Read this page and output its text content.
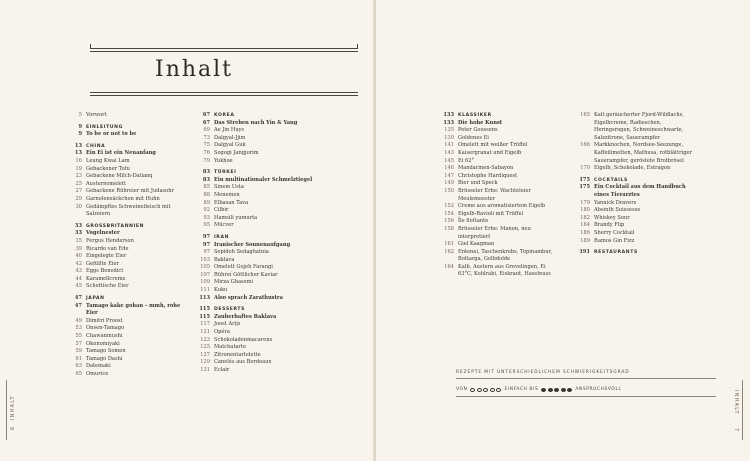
Inhalt
5 Vorwort
9 EINLEITUNG
9 To be or not to be
13 CHINA
13 Ein Ei ist ein Neuanfang
16 Leung Kwai Lam
19 Gebackener Tofu
23 Gebackene Milch-Dalianq
25 Austernomelett
27 Gebackene Rühreier mit Judasohr
29 Garnelensäckchen mit Huhn
30 Gedämpftes Schweinefleisch mit Salzeiern
33 GROSSBRITANNIEN
33 Vogelnester
35 Fergus Henderson
39 Ricardo van Ede
40 Eingelegte Eier
42 Gefüllte Eier
43 Eggs Benedict
44 Karamellcreme
45 Schottische Eier
47 JAPAN
47 Tamago kake gohan – mmh, rohe Eier
49 Dimitri Proost
53 Onsen-Tamago
55 Chawanmushi
57 Okonomiyaki
59 Tamago Somen
61 Tamago Dashi
63 Datemaki
65 Omurice
67 KOREA
67 Das Streben nach Yin & Yang
69 Ae Jin Huys
73 Dalgyal-Jjim
75 Dalgyal Guk
76 Sogogi Jangjorim
79 Yukhoe
83 TÜRKEI
83 Ein multinationaler Schmelztiegel
85 Sinem Usta
88 Menemen
89 Elbasan Tava
92 Cilbir
93 Hamsili yumurta
95 Mücver
97 IRAN
97 Iranischer Sonnenaufgang
97 Sepideh Sedaghatnia
103 Baklava
105 Omelett Gojeh Farangi
107 Rühreí Göttlicher Kaviar
109 Mirza Ghasemi
111 Kuku
113 Also sprach Zarathustra
115 DESSERTS
115 Zauberhaftes Baklava
117 Joost Arijs
121 Opéra
123 Schokoladenmacarons
125 Matchatarte
127 Zitronentartelette
129 Canelés aus Bordeaux
131 Eclair
133 KLASSIKER
133 Die hohe Kunst
135 Peter Goossens
139 Goldenes Ei
141 Omelett mit weißer Trüffel
143 Kaisergranat und Eigelb
145 Ei 62°
146 Mandarinen-Sabayon
147 Christophe Hardiquest
149 Bier und Speck
150 Brüsseler Erbe: Wachteleier Meulemeester
152 Creme aus aromatisiertem Eigelb
154 Eigelb-Ravioli mit Trüffel
156 Île flottante
158 Brüsseler Erbe: Manon, neu interpretiert
161 Giel Kaagman
162 Entenei, Taschenkrebs, Topinambur, Bottarga, Gelbdolde
164 Kalb, Austern aus Grevelingen, Ei 63°C, Kohlrabi, Eiskraut, Haselnuss
165 Kalt geräucherter Fjord-Wildlachs, Eigelbcreme, Radieschen, Heringsrogen, Schweineschwarte, Salzzitrone, Sauerampfer
166 Markknochen, Nordsee-Seezunge, Kaffeilimetten, Mathusa, rotblättriger Sauerampfer, geröstete Brotbrösel
170 Eigelb, Schokolade, Estragon
175 COCKTAILS
175 Ein Cocktail aus dem Handbuch eines Tierarztes
179 Yannick Dravers
180 Absinth Suissesse
182 Whiskey Sour
184 Brandy Flip
186 Sherry Cocktail
189 Ramos Gin Fizz
191 RESTAURANTS
REZEPTE MIT UNTERSCHIEDLICHEM SCHWIERIGKEITSGRAD
VON	EINFACH BIS	ANSPRUCHSVOLL
6
INHALT	INHALT
7
